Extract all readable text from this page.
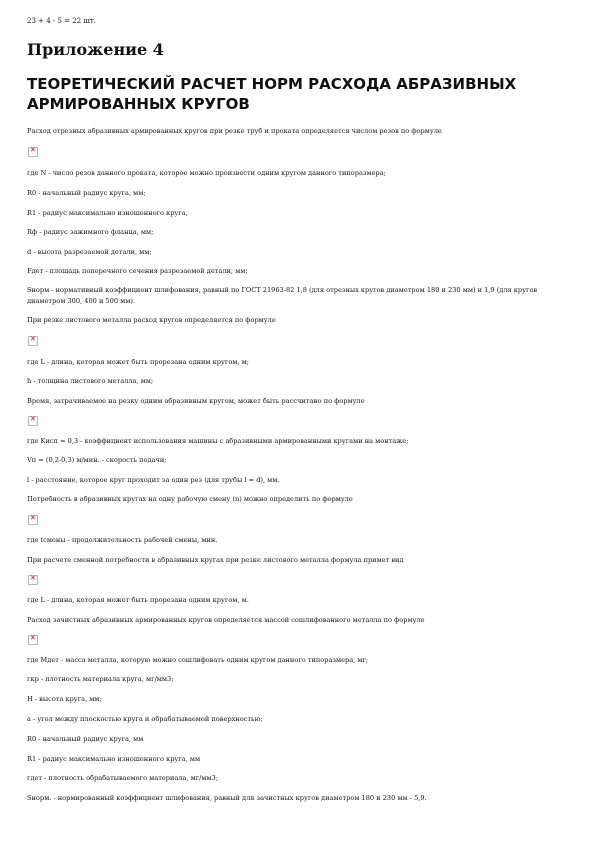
23 + 4 - 5 = 22 шт.
Приложение 4
ТЕОРЕТИЧЕСКИЙ РАСЧЕТ НОРМ РАСХОДА АБРАЗИВНЫХ АРМИРОВАННЫХ КРУГОВ
Расход отрезных абразивных армированных кругов при резке труб и проката определяется числом резов по формуле
✕
где N - число резов данного проката, которое можно произвести одним кругом данного типоразмера;
R0 - начальный радиус круга, мм;
R1 - радиус максимально изношенного круга,
Rф - радиус зажимного фланца, мм;
d - высота разрезаемой детали, мм;
Fдет - площадь поперечного сечения разрезаемой детали, мм;
Sнорм - нормативный коэффициент шлифования, равный по ГОСТ 21963-82 1,8 (для отрезных кругов диаметром 180 и 230 мм) и 1,9 (для кругов диаметром 300, 400 и 500 мм).
При резке листового металла расход кругов определяется по формуле
✕
где L - длина, которая может быть прорезана одним кругом, м;
h - толщина листового металла, мм;
Время, затрачиваемое на резку одним абразивным кругом, может быть рассчитано по формуле
✕
где Kисп = 0,3 - коэффициент использования машины с абразивными армированными кругами на монтаже;
Vп = (0,2-0,3) м/мин. - скорость подачи;
l - расстояние, которое круг проходит за один рез (для трубы l = d), мм.
Потребность в абразивных кругах на одну рабочую смену (n) можно определить по формуле
✕
где tсмены - продолжительность рабочей смены, мин.
При расчете сменной потребности в абразивных кругах при резке листового металла формула примет вид
✕
где L - длина, которая может быть прорезана одним кругом, м.
Расход зачистных абразивных армированных кругов определяется массой сошлифованного металла по формуле
✕
где Mдет - масса металла, которую можно сошлифовать одним кругом данного типоразмера, мг;
гкр - плотность материала круга, мг/мм3;
H - высота круга, мм;
a - угол между плоскостью круга и обрабатываемой поверхностью;
R0 - начальный радиус круга, мм
R1 - радиус максимально изношенного круга, мм
гдет - плотность обрабатываемого материала, мг/мм3;
Sнорм. - нормированный коэффициент шлифования, равный для зачистных кругов диаметром 180 и 230 мм - 5,9.
